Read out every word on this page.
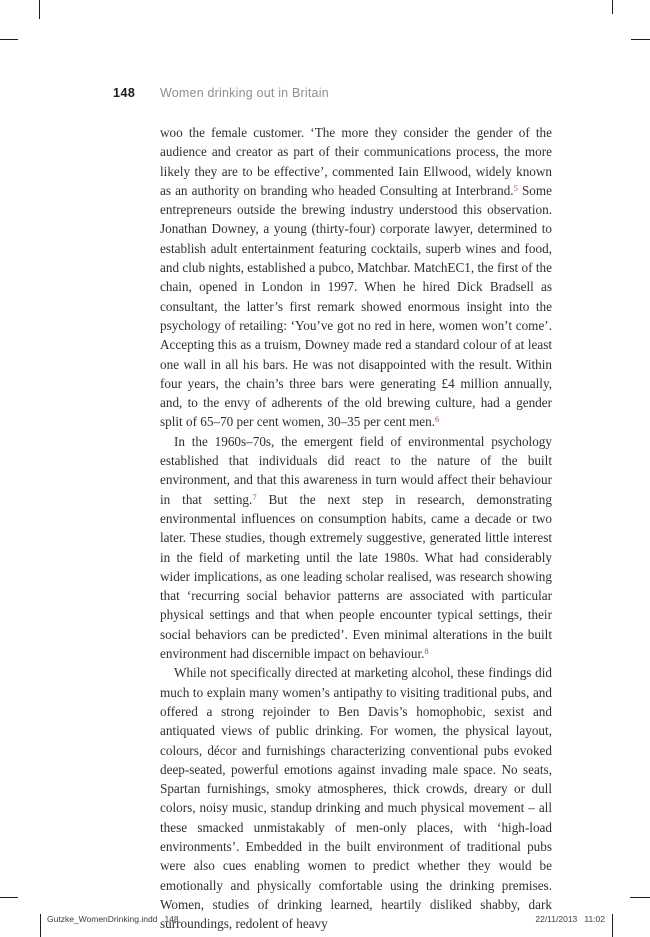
148 Women drinking out in Britain

woo the female customer. ‘The more they consider the gender of the audience and creator as part of their communications process, the more likely they are to be effective’, commented Iain Ellwood, widely known as an authority on branding who headed Consulting at Interbrand.$^5$ Some entrepreneurs outside the brewing industry understood this observation. Jonathan Downey, a young (thirty-four) corporate lawyer, determined to establish adult entertainment featuring cocktails, superb wines and food, and club nights, established a pubco, Matchbar. MatchEC1, the first of the chain, opened in London in 1997. When he hired Dick Bradsell as consultant, the latter’s first remark showed enormous insight into the psychology of retailing: ‘You’ve got no red in here, women won’t come’. Accepting this as a truism, Downey made red a standard colour of at least one wall in all his bars. He was not disappointed with the result. Within four years, the chain’s three bars were generating £4 million annually, and, to the envy of adherents of the old brewing culture, had a gender split of 65–70 per cent women, 30–35 per cent men.$^6$

In the 1960s–70s, the emergent field of environmental psychology established that individuals did react to the nature of the built environment, and that this awareness in turn would affect their behaviour in that setting.$^7$ But the next step in research, demonstrating environmental influences on consumption habits, came a decade or two later. These studies, though extremely suggestive, generated little interest in the field of marketing until the late 1980s. What had considerably wider implications, as one leading scholar realised, was research showing that ‘recurring social behavior patterns are associated with particular physical settings and that when people encounter typical settings, their social behaviors can be predicted’. Even minimal alterations in the built environment had discernible impact on behaviour.$^8$

While not specifically directed at marketing alcohol, these findings did much to explain many women’s antipathy to visiting traditional pubs, and offered a strong rejoinder to Ben Davis’s homophobic, sexist and antiquated views of public drinking. For women, the physical layout, colours, décor and furnishings characterizing conventional pubs evoked deep-seated, powerful emotions against invading male space. No seats, Spartan furnishings, smoky atmospheres, thick crowds, dreary or dull colors, noisy music, standup drinking and much physical movement – all these smacked unmistakably of men-only places, with ‘high-load environments’. Embedded in the built environment of traditional pubs were also cues enabling women to predict whether they would be emotionally and physically comfortable using the drinking premises. Women, studies of drinking learned, heartily disliked shabby, dark surroundings, redolent of heavy

Gutzke_WomenDrinking.indd   148	22/11/2013   11:02
